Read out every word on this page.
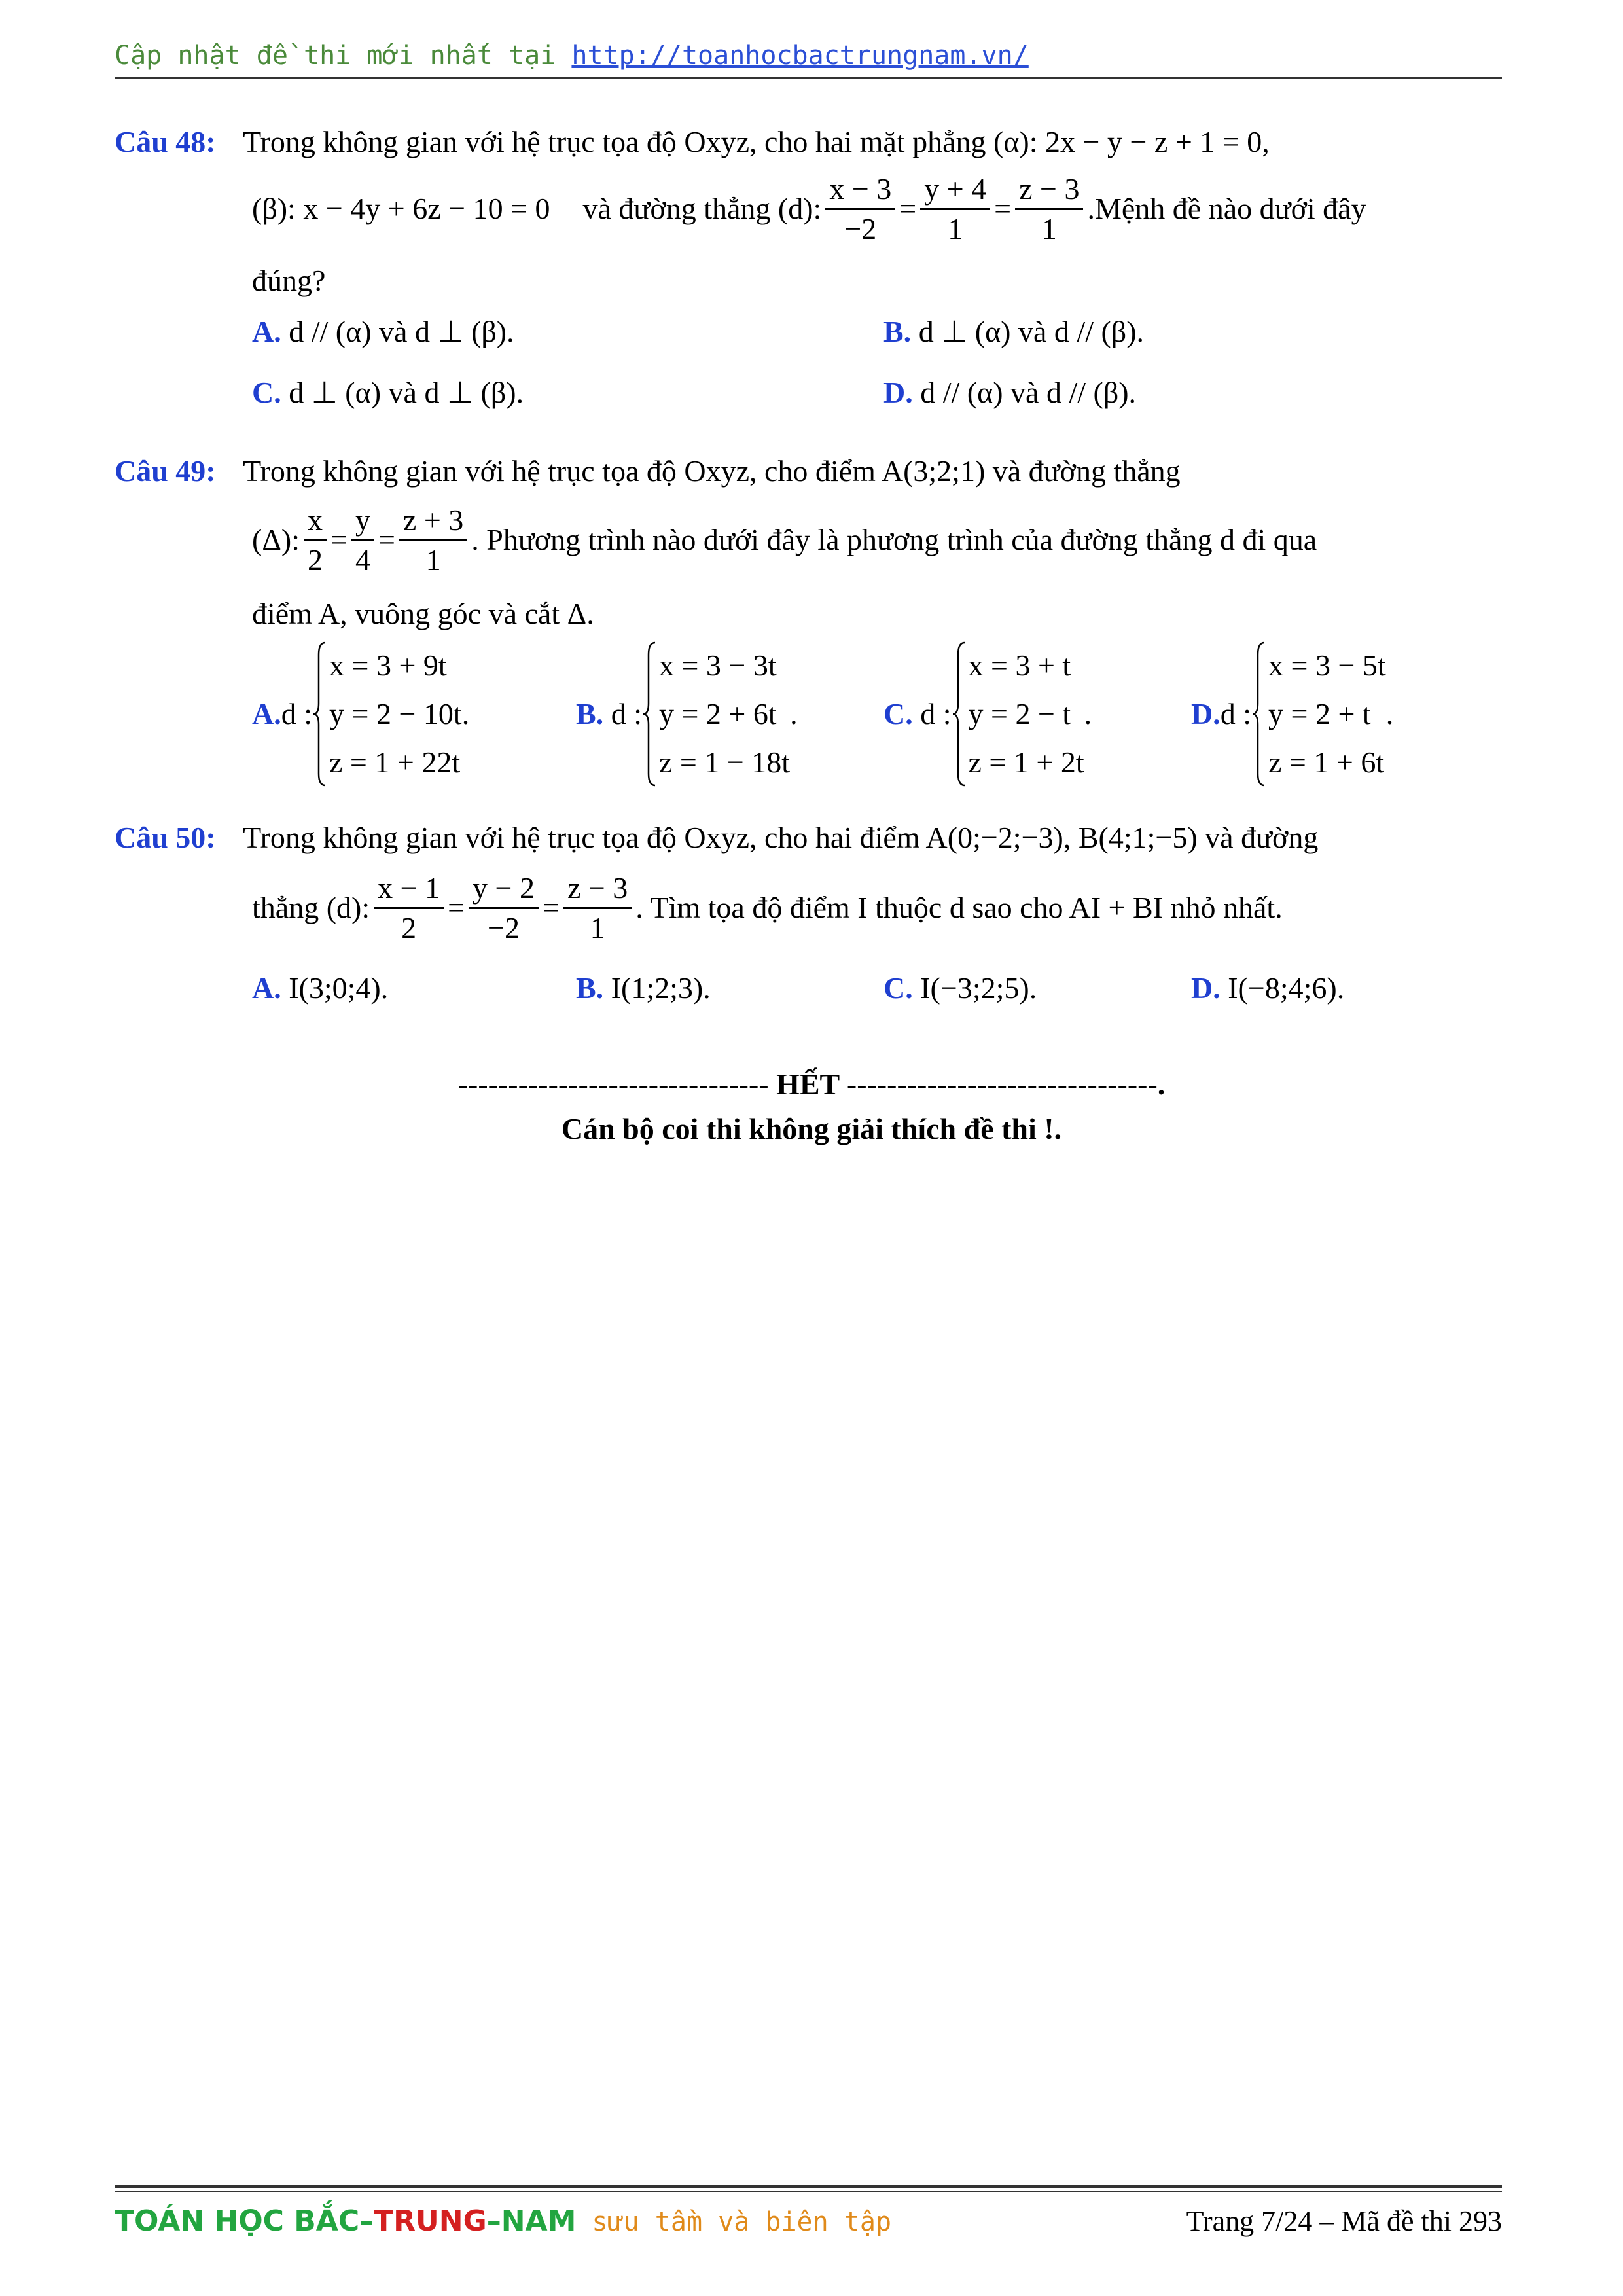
Cập nhật đề thi mới nhất tại http://toanhocbactrungnam.vn/
Câu 48: Trong không gian với hệ trục tọa độ Oxyz, cho hai mặt phẳng (α): 2x − y − z + 1 = 0,
(β): x − 4y + 6z − 10 = 0 và đường thẳng (d): $\frac{x - 3}{-2} = \frac{y + 4}{1} = \frac{z - 3}{1}$ .Mệnh đề nào dưới đây
đúng?
A. d // (α) và d ⊥ (β).	B. d ⊥ (α) và d // (β).
C. d ⊥ (α) và d ⊥ (β).	D. d // (α) và d // (β).
Câu 49: Trong không gian với hệ trục tọa độ Oxyz, cho điểm A(3;2;1) và đường thẳng
(Δ): $\frac{x}{2} = \frac{y}{4} = \frac{z + 3}{1}$ . Phương trình nào dưới đây là phương trình của đường thẳng d đi qua
điểm A, vuông góc và cắt Δ.
A. d :
x = 3 + 9t
y = 2 − 10t
z = 1 + 22t
.	B.
d :
x = 3 − 3t
y = 2 + 6t
z = 1 − 18t
.	C.
d :
x = 3 + t
y = 2 − t
z = 1 + 2t
.	D. d :
x = 3 − 5t
y = 2 + t
z = 1 + 6t
.
Câu 50: Trong không gian với hệ trục tọa độ Oxyz, cho hai điểm A(0;−2;−3), B(4;1;−5) và đường
thẳng (d): $\frac{x - 1}{2} = \frac{y - 2}{-2} = \frac{z - 3}{1}$ . Tìm tọa độ điểm I thuộc d sao cho AI + BI nhỏ nhất.
A. I(3;0;4).	B. I(1;2;3).	C. I(−3;2;5).	D. I(−8;4;6).
------------------------------- HẾT -------------------------------.
Cán bộ coi thi không giải thích đề thi !.
TOÁN HỌC BẮC–TRUNG–NAM sưu tầm và biên tập	Trang 7/24 – Mã đề thi 293
